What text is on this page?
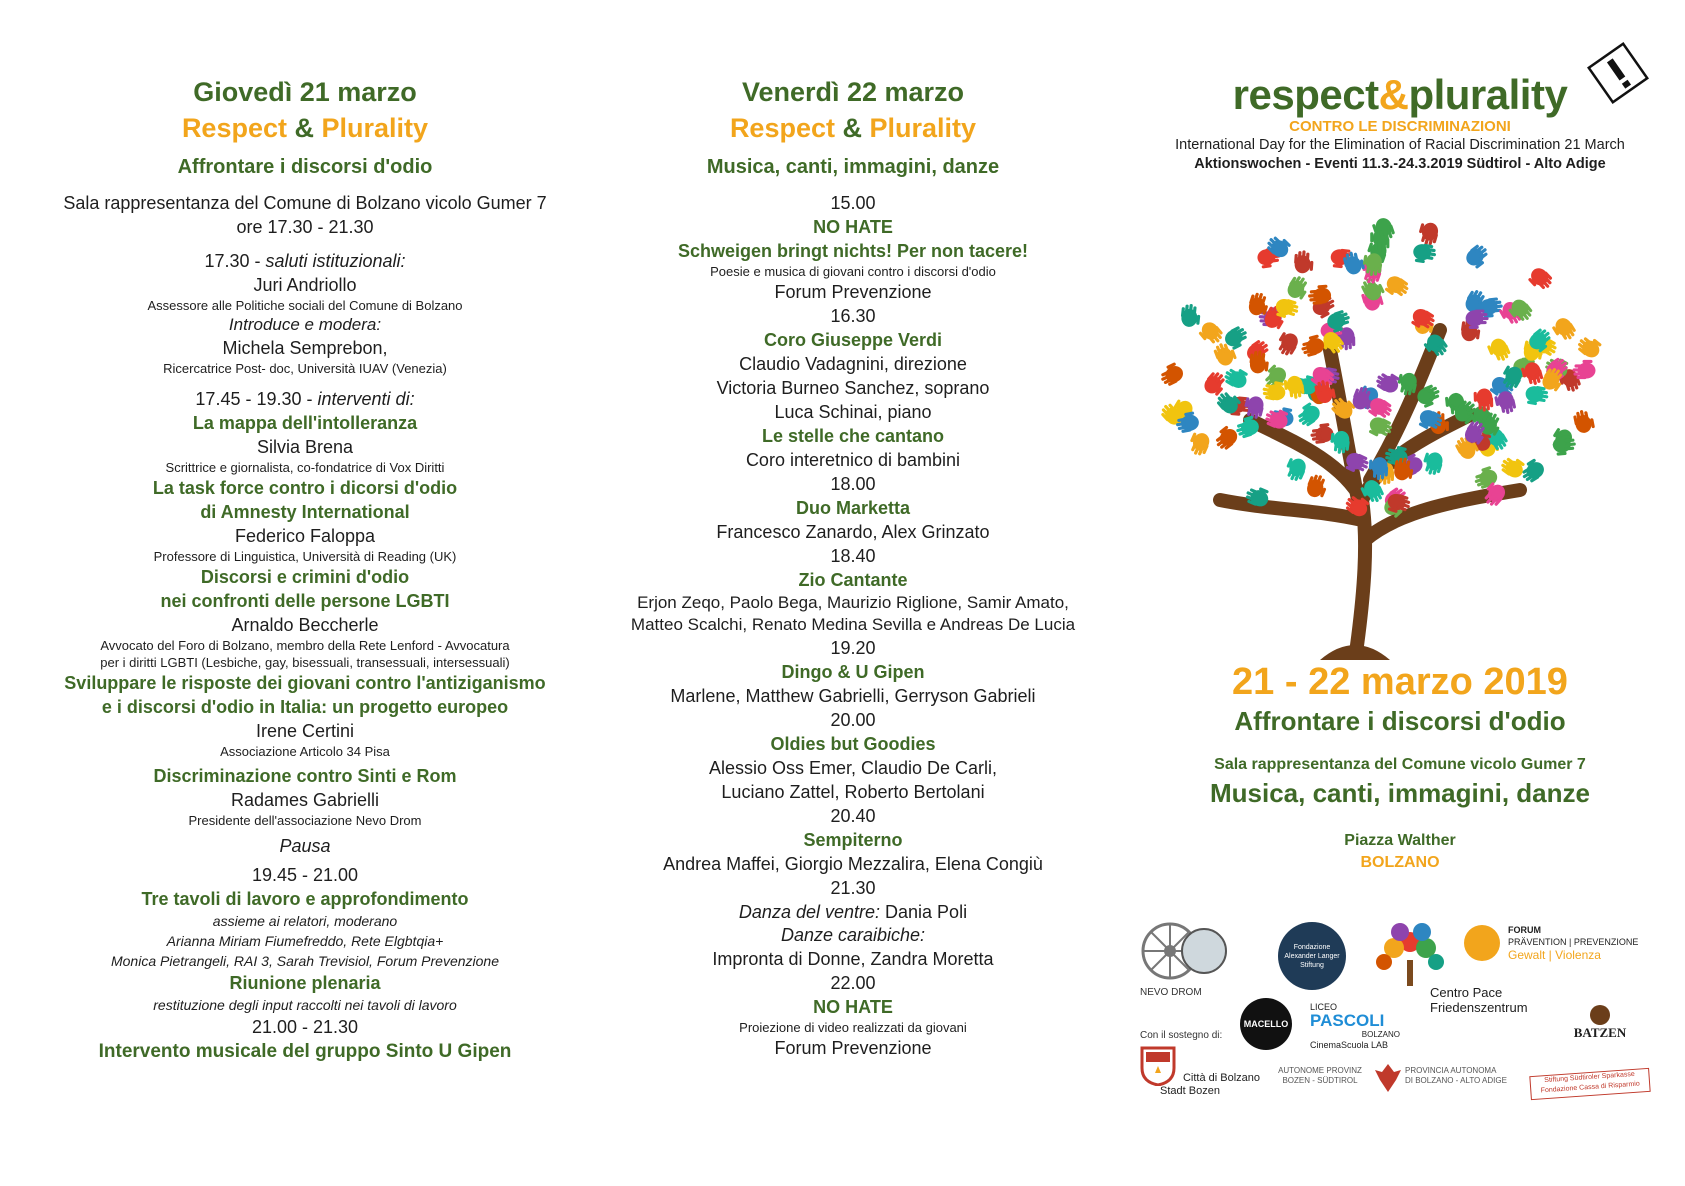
Giovedì 21 marzo

Respect & Plurality

Affrontare i discorsi d'odio

Sala rappresentanza del Comune di Bolzano vicolo Gumer 7

ore 17.30 - 21.30

17.30 - saluti istituzionali:

Juri Andriollo

Assessore alle Politiche sociali del Comune di Bolzano

Introduce e modera:

Michela Semprebon,

Ricercatrice Post- doc, Università IUAV (Venezia)

17.45 - 19.30 - interventi di:

La mappa dell'intolleranza

Silvia Brena

Scrittrice e giornalista, co-fondatrice di Vox Diritti

La task force contro i dicorsi d'odio

di Amnesty International

Federico Faloppa

Professore di Linguistica, Università di Reading (UK)

Discorsi e crimini d'odio

nei confronti delle persone LGBTI

Arnaldo Beccherle

Avvocato del Foro di Bolzano, membro della Rete Lenford - Avvocatura

per i diritti LGBTI (Lesbiche, gay, bisessuali, transessuali, intersessuali)

Sviluppare le risposte dei giovani contro l'antiziganismo

e i discorsi d'odio in Italia: un progetto europeo

Irene Certini

Associazione Articolo 34 Pisa

Discriminazione contro Sinti e Rom

Radames Gabrielli

Presidente dell'associazione Nevo Drom

Pausa

19.45 - 21.00

Tre tavoli di lavoro e approfondimento

assieme ai relatori, moderano

Arianna Miriam Fiumefreddo, Rete Elgbtqia+

Monica Pietrangeli, RAI 3, Sarah Trevisiol, Forum Prevenzione

Riunione plenaria

restituzione degli input raccolti nei tavoli di lavoro

21.00 - 21.30

Intervento musicale del gruppo Sinto U Gipen

Venerdì 22 marzo

Respect & Plurality

Musica, canti, immagini, danze

15.00

NO HATE

Schweigen bringt nichts! Per non tacere!

Poesie e musica di giovani contro i discorsi d'odio

Forum Prevenzione

16.30

Coro Giuseppe Verdi

Claudio Vadagnini, direzione

Victoria Burneo Sanchez, soprano

Luca Schinai, piano

Le stelle che cantano

Coro interetnico di bambini

18.00

Duo Marketta

Francesco Zanardo, Alex Grinzato

18.40

Zio Cantante

Erjon Zeqo, Paolo Bega, Maurizio Riglione, Samir Amato,

Matteo Scalchi, Renato Medina Sevilla e Andreas De Lucia

19.20

Dingo & U Gipen

Marlene, Matthew Gabrielli, Gerryson Gabrieli

20.00

Oldies but Goodies

Alessio Oss Emer, Claudio De Carli,

Luciano Zattel, Roberto Bertolani

20.40

Sempiterno

Andrea Maffei, Giorgio Mezzalira, Elena Congiù

21.30

Danza del ventre: Dania Poli

Danze caraibiche:

Impronta di Donne, Zandra Moretta

22.00

NO HATE

Proiezione di video realizzati da giovani

Forum Prevenzione

respect&plurality

CONTRO LE DISCRIMINAZIONI

International Day for the Elimination of Racial Discrimination 21 March

Aktionswochen - Eventi 11.3.-24.3.2019 Südtirol - Alto Adige

21 - 22 marzo 2019

Affrontare i discorsi d'odio

Sala rappresentanza del Comune vicolo Gumer 7

Musica, canti, immagini, danze

Piazza Walther

BOLZANO

NEVO DROM
Fondazione
Alexander Langer
Stiftung
Centro Pace
Friedenszentrum
FORUM
PRÄVENTION | PREVENZIONE
Gewalt | Violenza
MACELLO
LICEO
PASCOLI
BOLZANO
CinemaScuola LAB
BATZEN
Con il sostegno di:
Città di Bolzano
Stadt Bozen
AUTONOME PROVINZ
BOZEN - SÜDTIROL
PROVINCIA AUTONOMA
DI BOLZANO - ALTO ADIGE	Stiftung Südtiroler Sparkasse
Fondazione Cassa di Risparmio
